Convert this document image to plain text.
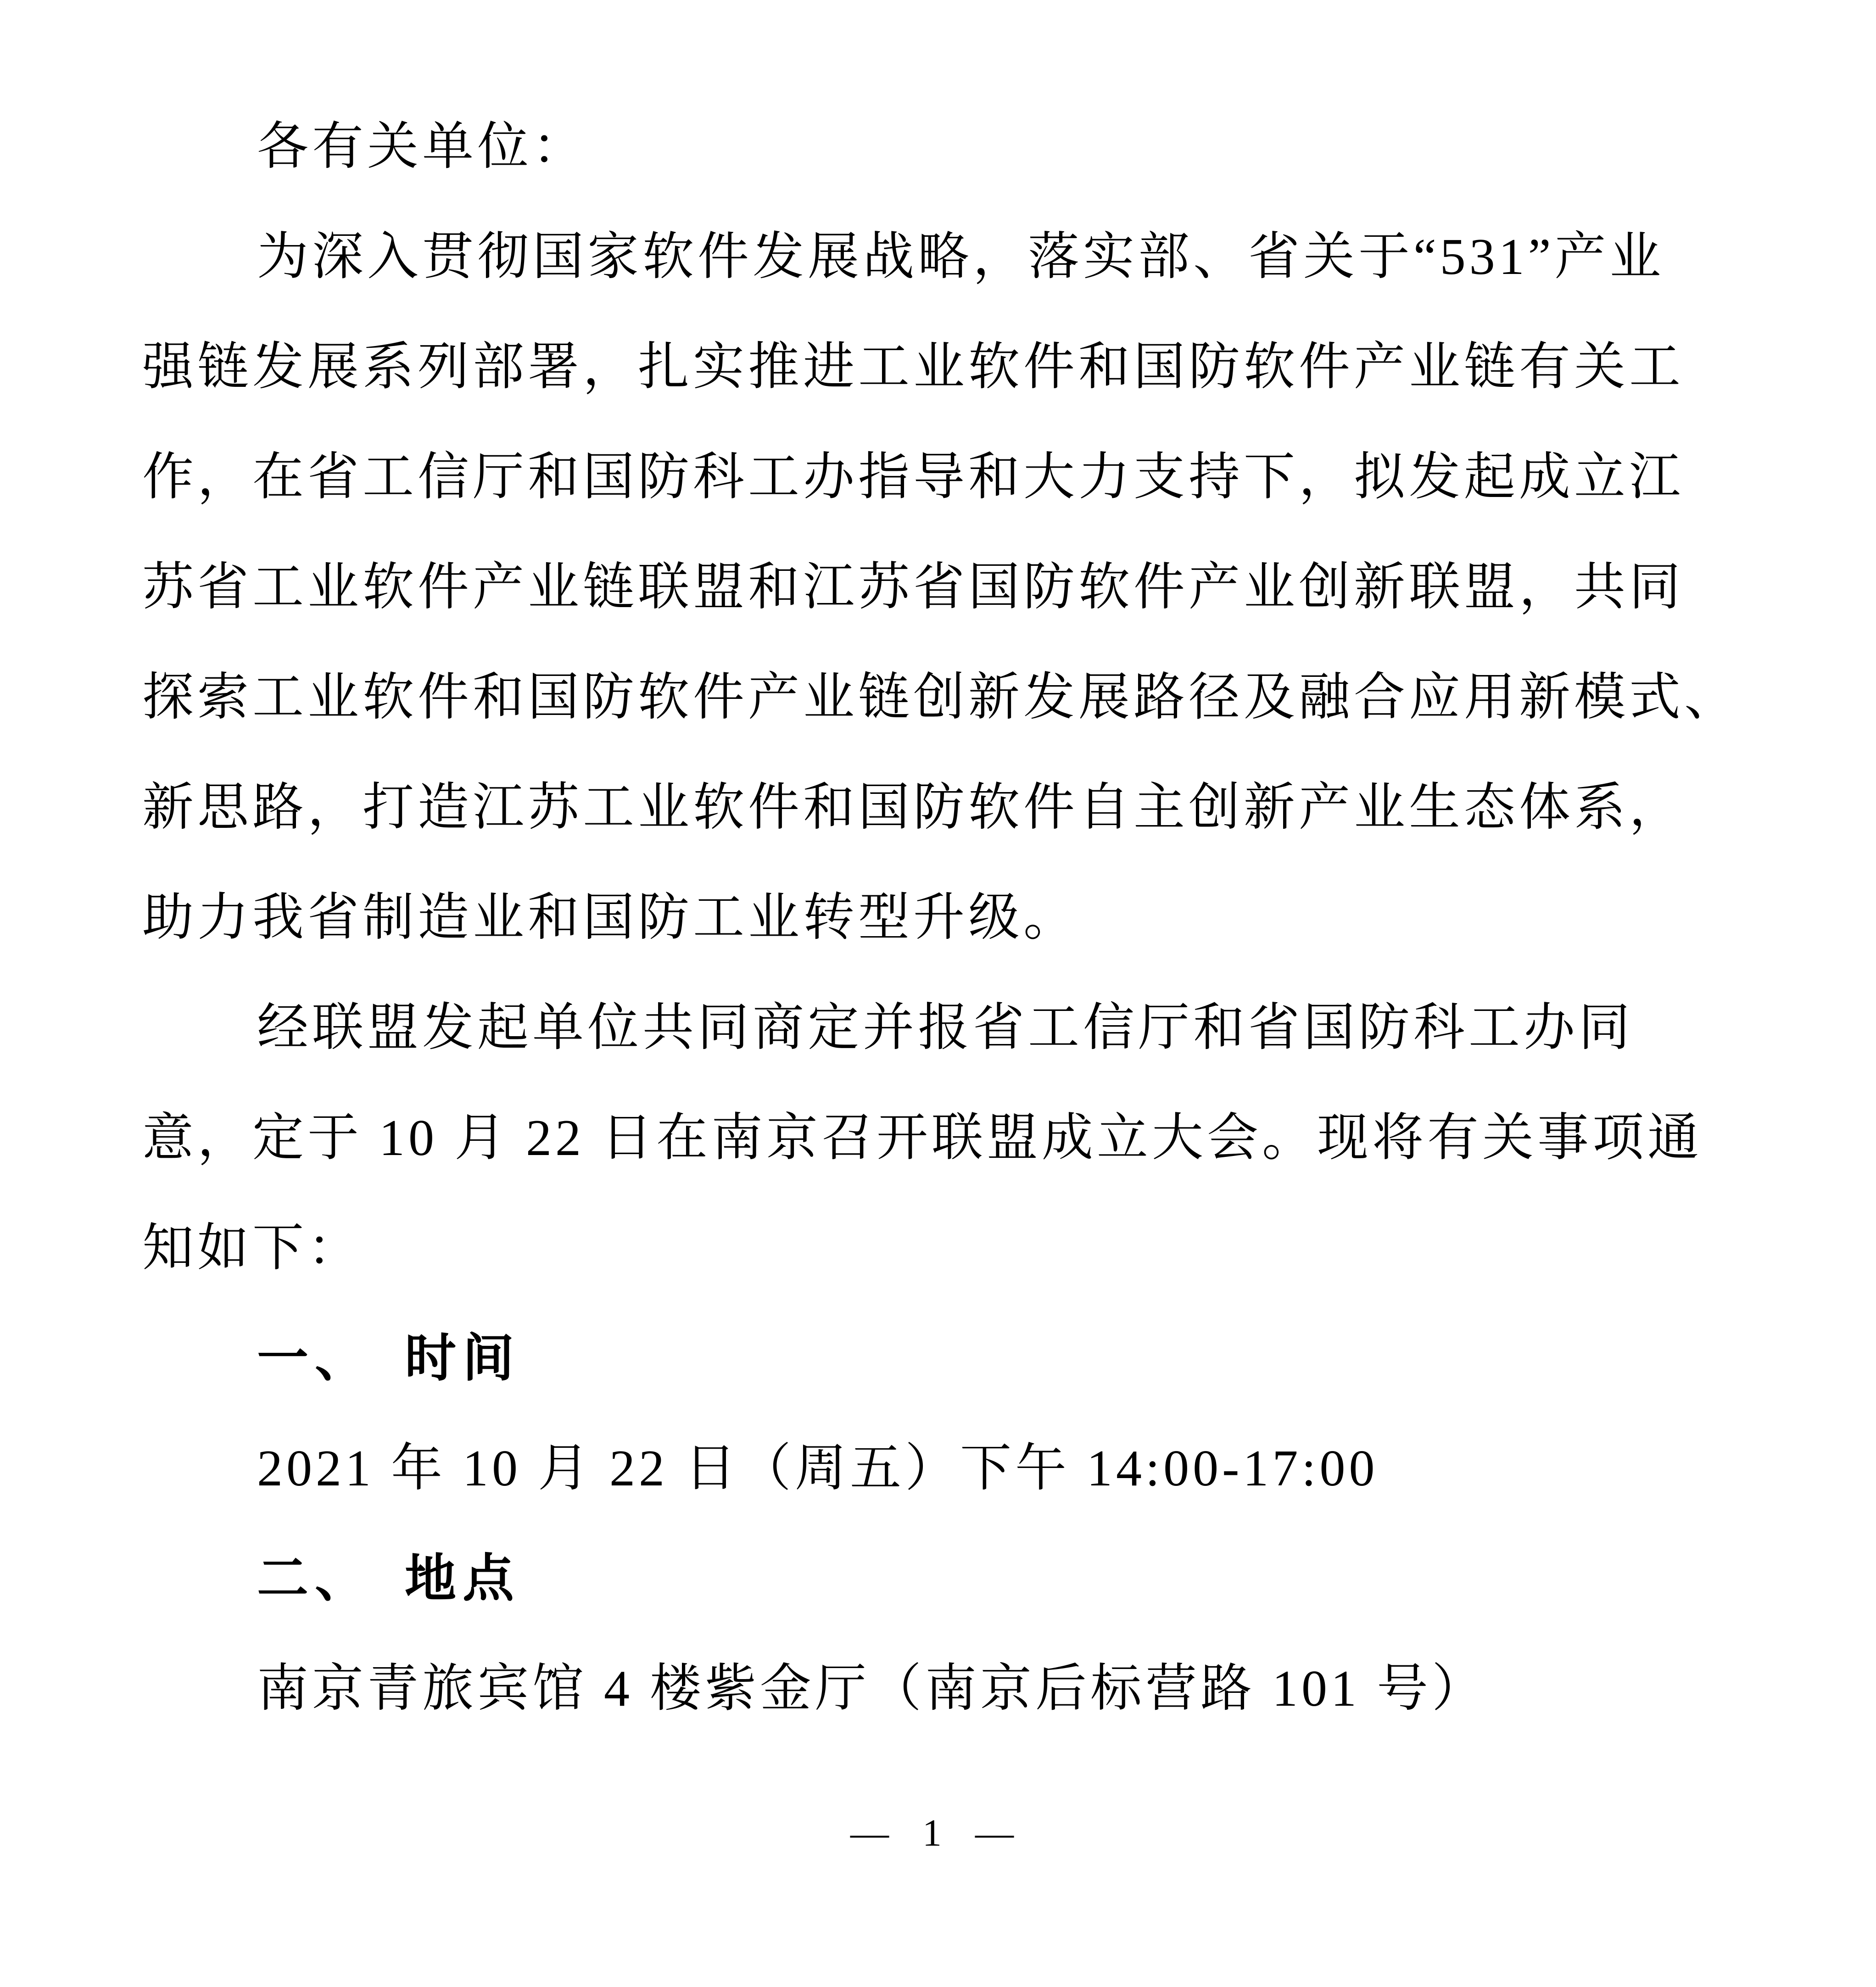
各有关单位：
为深入贯彻国家软件发展战略，落实部、省关于“531”产业
强链发展系列部署，扎实推进工业软件和国防软件产业链有关工
作，在省工信厅和国防科工办指导和大力支持下，拟发起成立江
苏省工业软件产业链联盟和江苏省国防软件产业创新联盟，共同
探索工业软件和国防软件产业链创新发展路径及融合应用新模式、
新思路，打造江苏工业软件和国防软件自主创新产业生态体系，
助力我省制造业和国防工业转型升级。
经联盟发起单位共同商定并报省工信厅和省国防科工办同
意，定于 10 月 22 日在南京召开联盟成立大会。现将有关事项通
知如下：
一、　时间
2021 年 10 月 22 日（周五）下午 14:00-17:00
二、　地点
南京青旅宾馆 4 楼紫金厅（南京后标营路 101 号）
— 1 —
